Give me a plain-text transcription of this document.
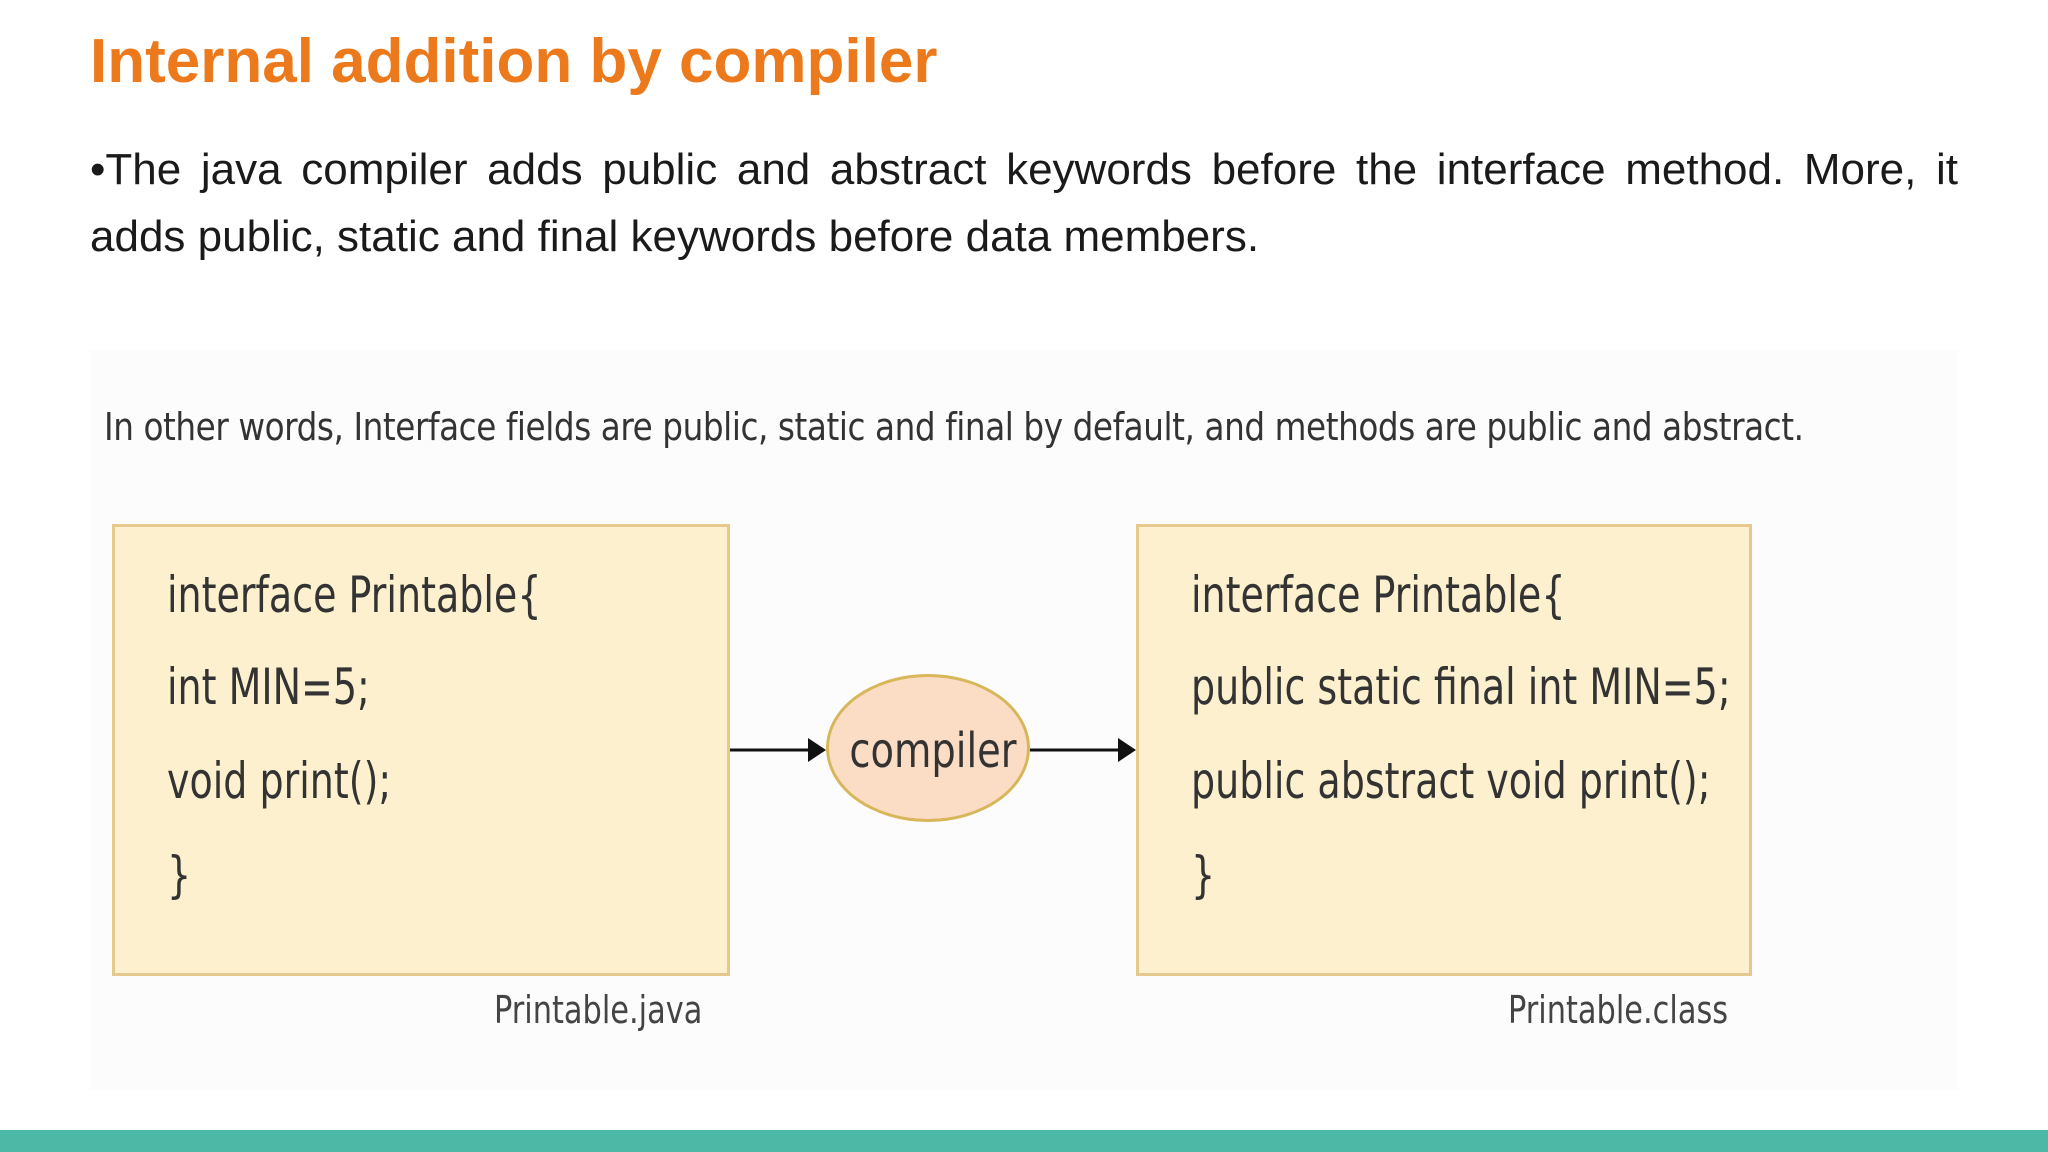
Internal addition by compiler

•The java compiler adds public and abstract keywords before the interface method. More, it adds public, static and final keywords before data members.

In other words, Interface fields are public, static and final by default, and methods are public and abstract.

interface Printable{
int MIN=5;
void print();
}
Printable.java
compiler
interface Printable{
public static final int MIN=5;
public abstract void print();
}
Printable.class
